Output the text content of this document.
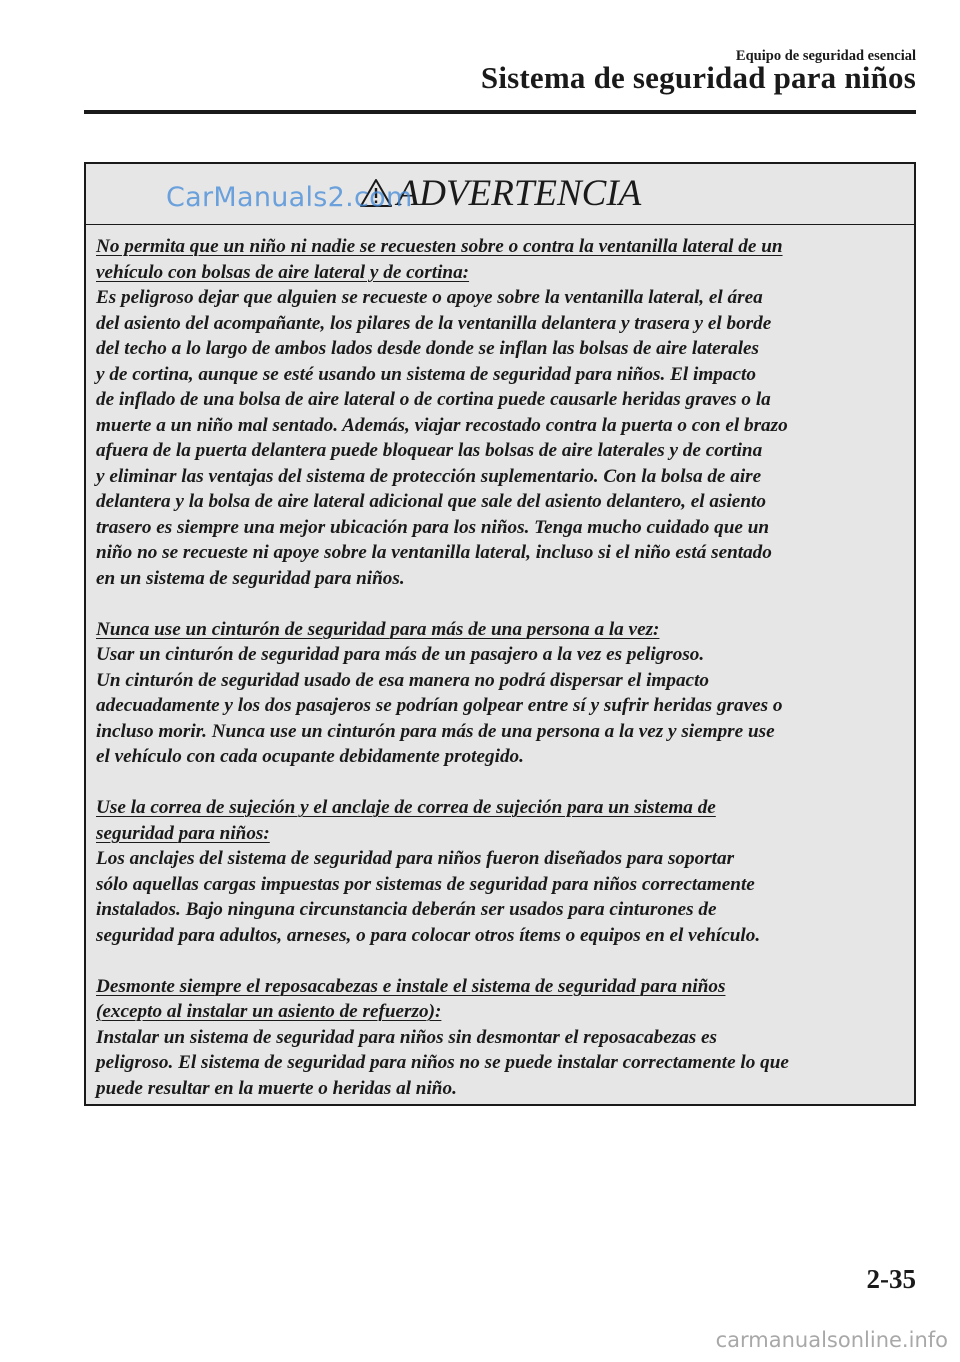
Equipo de seguridad esencial
Sistema de seguridad para niños
ADVERTENCIA
CarManuals2.com
No permita que un niño ni nadie se recuesten sobre o contra la ventanilla lateral de un
vehículo con bolsas de aire lateral y de cortina:
Es peligroso dejar que alguien se recueste o apoye sobre la ventanilla lateral, el área
del asiento del acompañante, los pilares de la ventanilla delantera y trasera y el borde
del techo a lo largo de ambos lados desde donde se inflan las bolsas de aire laterales
y de cortina, aunque se esté usando un sistema de seguridad para niños. El impacto
de inflado de una bolsa de aire lateral o de cortina puede causarle heridas graves o la
muerte a un niño mal sentado. Además, viajar recostado contra la puerta o con el brazo
afuera de la puerta delantera puede bloquear las bolsas de aire laterales y de cortina
y eliminar las ventajas del sistema de protección suplementario. Con la bolsa de aire
delantera y la bolsa de aire lateral adicional que sale del asiento delantero, el asiento
trasero es siempre una mejor ubicación para los niños. Tenga mucho cuidado que un
niño no se recueste ni apoye sobre la ventanilla lateral, incluso si el niño está sentado
en un sistema de seguridad para niños.
Nunca use un cinturón de seguridad para más de una persona a la vez:
Usar un cinturón de seguridad para más de un pasajero a la vez es peligroso.
Un cinturón de seguridad usado de esa manera no podrá dispersar el impacto
adecuadamente y los dos pasajeros se podrían golpear entre sí y sufrir heridas graves o
incluso morir. Nunca use un cinturón para más de una persona a la vez y siempre use
el vehículo con cada ocupante debidamente protegido.
Use la correa de sujeción y el anclaje de correa de sujeción para un sistema de
seguridad para niños:
Los anclajes del sistema de seguridad para niños fueron diseñados para soportar
sólo aquellas cargas impuestas por sistemas de seguridad para niños correctamente
instalados. Bajo ninguna circunstancia deberán ser usados para cinturones de
seguridad para adultos, arneses, o para colocar otros ítems o equipos en el vehículo.
Desmonte siempre el reposacabezas e instale el sistema de seguridad para niños
(excepto al instalar un asiento de refuerzo):
Instalar un sistema de seguridad para niños sin desmontar el reposacabezas es
peligroso. El sistema de seguridad para niños no se puede instalar correctamente lo que
puede resultar en la muerte o heridas al niño.
2-35
carmanualsonline.info
